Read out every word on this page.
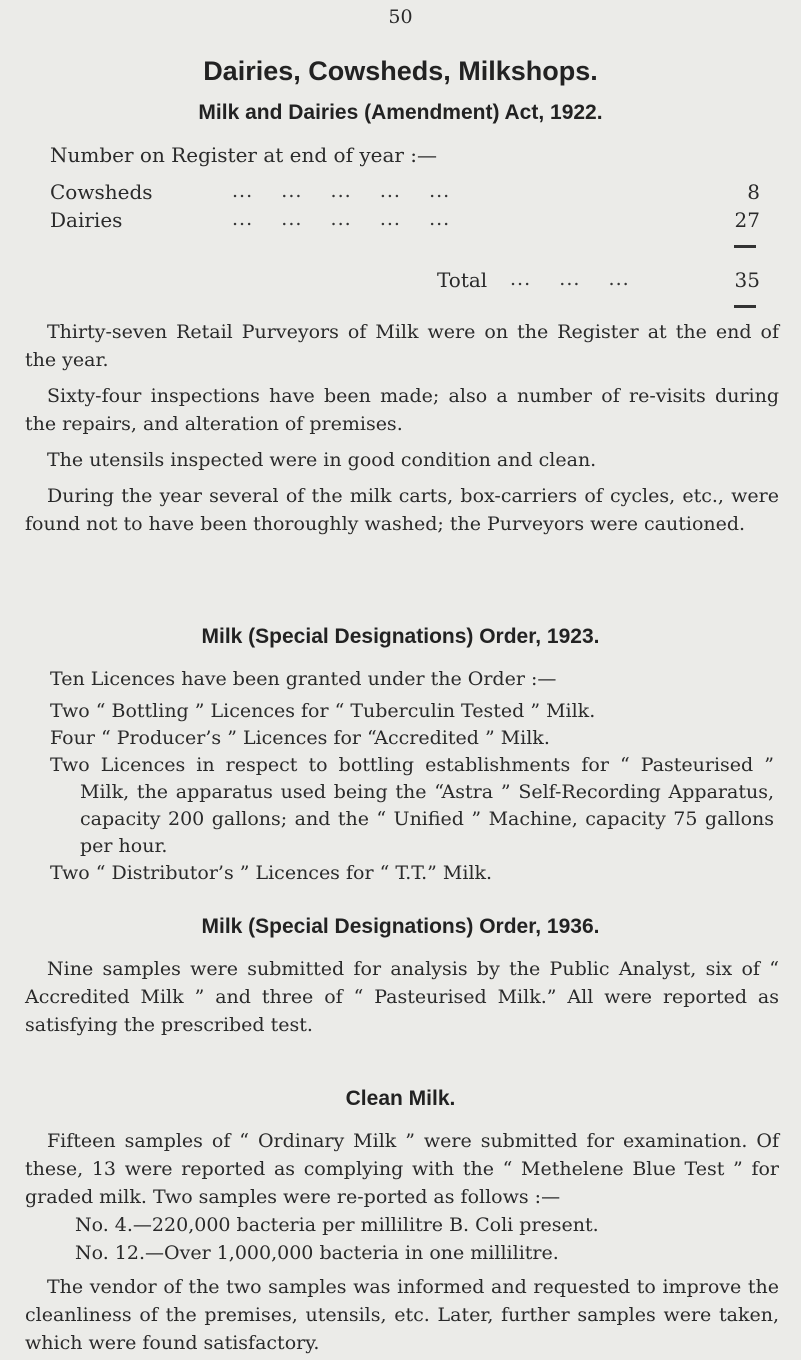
50
Dairies, Cowsheds, Milkshops.
Milk and Dairies (Amendment) Act, 1922.
Number on Register at end of year :—
Cowsheds	...    ...    ...    ...    ...	8
Dairies	...    ...    ...    ...    ...	27
Total ...    ...    ...	35

Thirty-seven Retail Purveyors of Milk were on the Register at the end of the year.

Sixty-four inspections have been made; also a number of re-visits during the repairs, and alteration of premises.

The utensils inspected were in good condition and clean.

During the year several of the milk carts, box-carriers of cycles, etc., were found not to have been thoroughly washed; the Purveyors were cautioned.

Milk (Special Designations) Order, 1923.
Ten Licences have been granted under the Order :—

Two “ Bottling ” Licences for “ Tuberculin Tested ” Milk.

Four “ Producer’s ” Licences for “Accredited ” Milk.

Two Licences in respect to bottling establishments for “ Pasteurised ” Milk, the apparatus used being the “Astra ” Self-Recording Apparatus, capacity 200 gallons; and the “ Unified ” Machine, capacity 75 gallons per hour.

Two “ Distributor’s ” Licences for “ T.T.” Milk.

Milk (Special Designations) Order, 1936.

Nine samples were submitted for analysis by the Public Analyst, six of “ Accredited Milk ” and three of “ Pasteurised Milk.” All were reported as satisfying the prescribed test.

Clean Milk.

Fifteen samples of “ Ordinary Milk ” were submitted for examination. Of these, 13 were reported as complying with the “ Methelene Blue Test ” for graded milk. Two samples were re-ported as follows :—

No. 4.—220,000 bacteria per millilitre B. Coli present.

No. 12.—Over 1,000,000 bacteria in one millilitre.

The vendor of the two samples was informed and requested to improve the cleanliness of the premises, utensils, etc. Later, further samples were taken, which were found satisfactory.
